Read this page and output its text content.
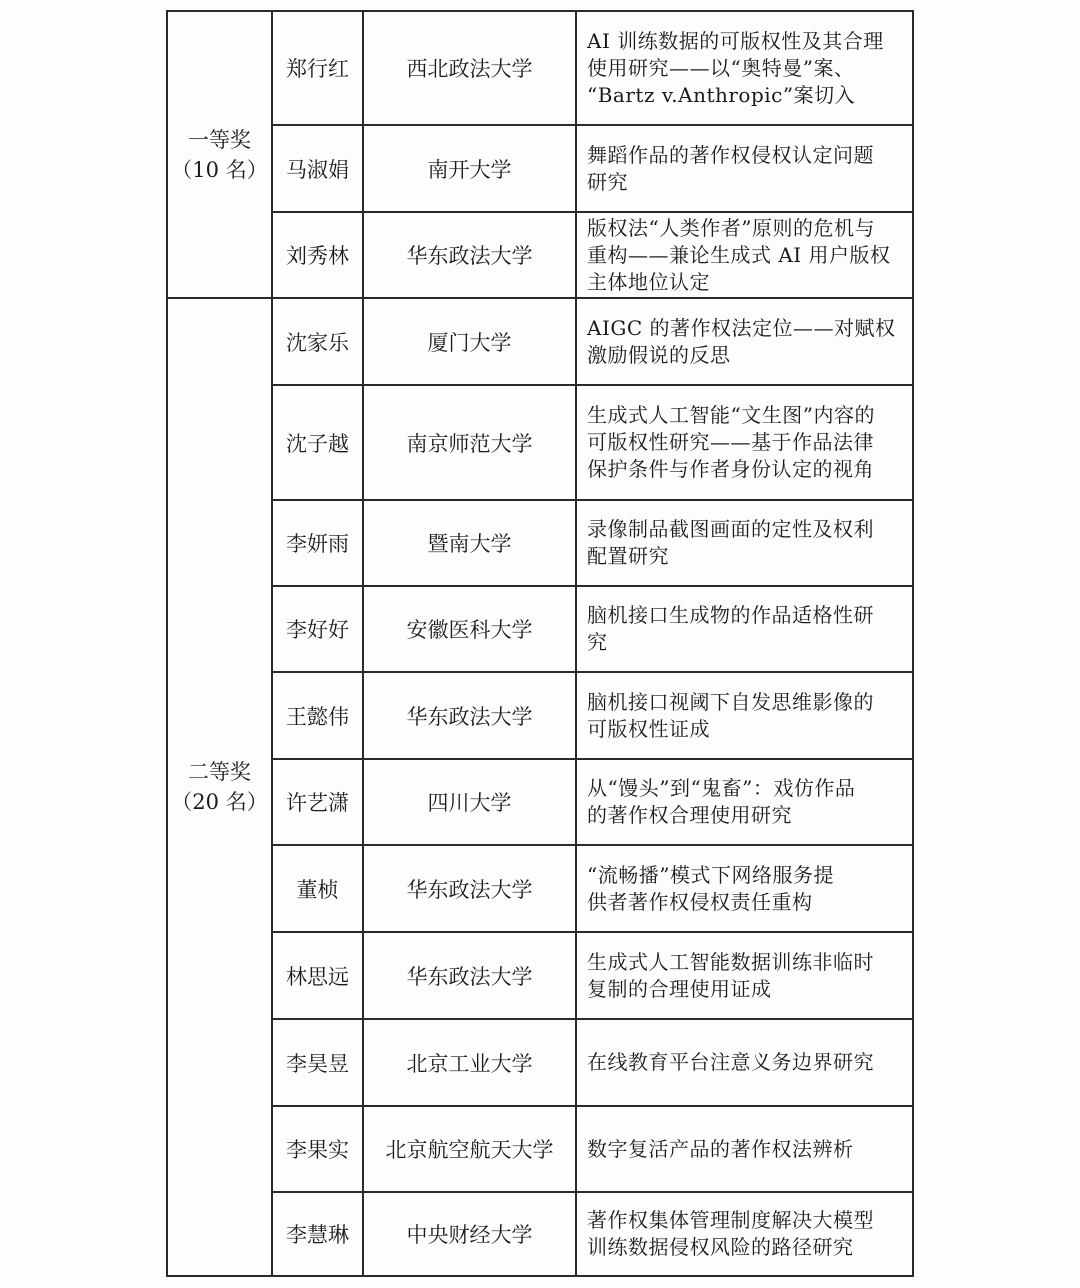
一等奖
（10 名）	郑行红	西北政法大学	AI 训练数据的可版权性及其合理
使用研究——以“奥特曼”案、
“Bartz v.Anthropic”案切入

	马淑娟	南开大学	舞蹈作品的著作权侵权认定问题
研究

	刘秀林	华东政法大学	版权法“人类作者”原则的危机与
重构——兼论生成式 AI 用户版权
主体地位认定

二等奖
（20 名）	沈家乐	厦门大学	AIGC 的著作权法定位——对赋权
激励假说的反思

	沈子越	南京师范大学	生成式人工智能“文生图”内容的
可版权性研究——基于作品法律
保护条件与作者身份认定的视角

	李妍雨	暨南大学	录像制品截图画面的定性及权利
配置研究

	李好好	安徽医科大学	脑机接口生成物的作品适格性研
究

	王懿伟	华东政法大学	脑机接口视阈下自发思维影像的
可版权性证成

	许艺潇	四川大学	从“馒头”到“鬼畜”：戏仿作品
的著作权合理使用研究

	董桢	华东政法大学	“流畅播”模式下网络服务提
供者著作权侵权责任重构

	林思远	华东政法大学	生成式人工智能数据训练非临时
复制的合理使用证成

	李昊昱	北京工业大学	在线教育平台注意义务边界研究

	李果实	北京航空航天大学	数字复活产品的著作权法辨析

	李慧琳	中央财经大学	著作权集体管理制度解决大模型
训练数据侵权风险的路径研究
